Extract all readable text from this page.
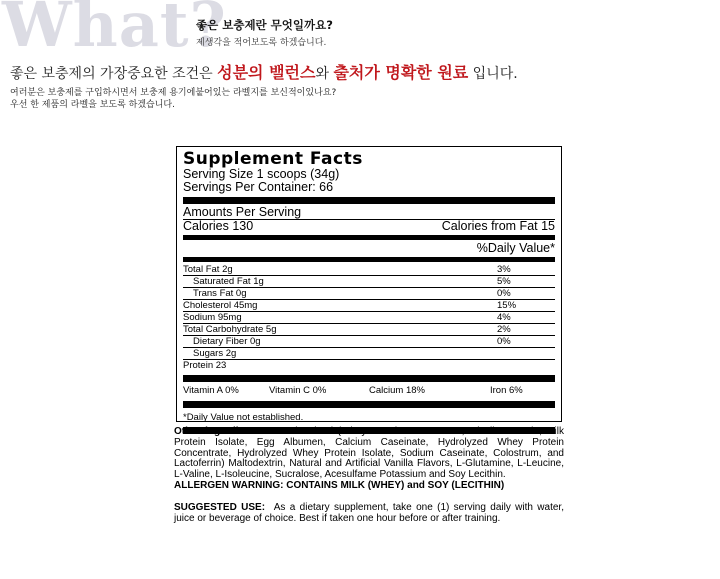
What?
좋은 보충제란 무엇일까요?
제생각을 적어보도록 하겠습니다.
좋은 보충제의 가장중요한 조건은 성분의 밸런스와 출처가 명확한 원료 입니다.
여러분은 보충제를 구입하시면서 보충제 용기에붙어있는 라벨지를 보신적이있나요?
우선 한 제품의 라벨을 보도록 하겠습니다.
Supplement Facts
Serving Size 1 scoops (34g)
Servings Per Container: 66
Amounts Per Serving
Calories 130	Calories from Fat 15
%Daily Value*
Total Fat 2g	3%
Saturated Fat 1g	5%
Trans Fat 0g	0%
Cholesterol 45mg	15%
Sodium 95mg	4%
Total Carbohydrate 5g	2%
Dietary Fiber 0g	0%
Sugars 2g
Protein 23
Vitamin A 0%	Vitamin C 0%	Calcium 18%	Iron 6%
*Daily Value not established.
Other ingredients: Protein Blend (Whey Protein Concentrate, Micellar Casein, Milk Protein Isolate, Egg Albumen, Calcium Caseinate, Hydrolyzed Whey Protein Concentrate, Hydrolyzed Whey Protein Isolate, Sodium Caseinate, Colostrum, and Lactoferrin) Maltodextrin, Natural and Artificial Vanilla Flavors, L-Glutamine, L-Leucine, L-Valine, L-Isoleucine, Sucralose, Acesulfame Potassium and Soy Lecithin.
ALLERGEN WARNING: CONTAINS MILK (WHEY) and SOY (LECITHIN)
SUGGESTED USE: As a dietary supplement, take one (1) serving daily with water, juice or beverage of choice. Best if taken one hour before or after training.
